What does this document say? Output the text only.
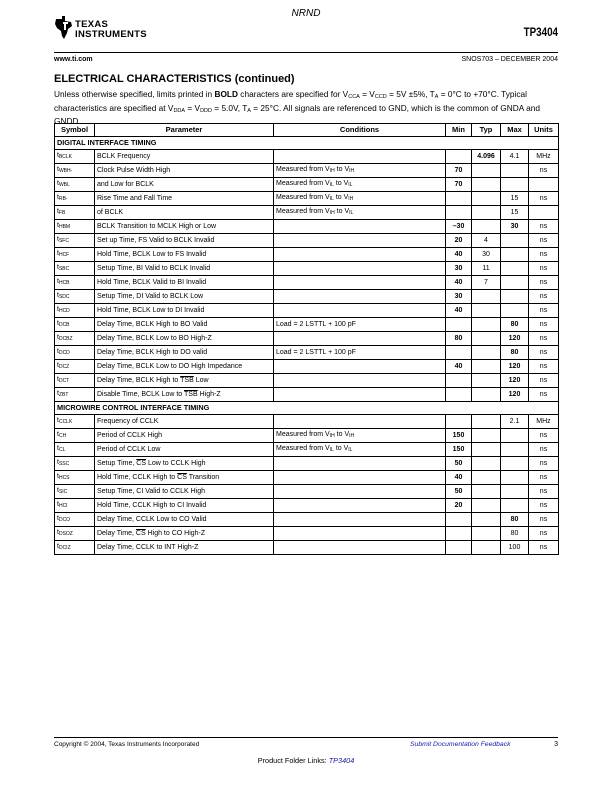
NRND
TEXAS
INSTRUMENTS	TP3404
www.ti.com	SNOS703 – DECEMBER 2004
ELECTRICAL CHARACTERISTICS (continued)
Unless otherwise specified, limits printed in BOLD characters are specified for $V_{CCA} = V_{CCD} = 5V \pm 5\%$, $T_A = 0^\circ C$ to +70°C. Typical characteristics are specified at $V_{DDA} = V_{DDD} = 5.0V$, $T_A = 25^\circ C$. All signals are referenced to GND, which is the common of GNDA and GNDD
Symbol	Parameter	Conditions	Min	Typ	Max	Units
DIGITAL INTERFACE TIMING						
$t_{BCLK}$	BCLK Frequency			4.096	4.1	MHz
$t_{WBH-}$	Clock Pulse Width High	Measured from $V_{IH}$ to $V_{IH}$	70			ns
$t_{WBL}$	and Low for BCLK	Measured from $V_{IL}$ to $V_{IL}$	70			
$t_{RB-}$	Rise Time and Fall Time	Measured from $V_{IL}$ to $V_{IH}$			15	ns
$t_{FB}$	of BCLK	Measured from $V_{IH}$ to $V_{IL}$			15	
$t_{HBM}$	BCLK Transition to MCLK High or Low		–30		30	ns
$t_{SFC}$	Set up Time, FS Valid to BCLK Invalid		20	4		ns
$t_{HCF}$	Hold Time, BCLK Low to FS Invalid		40	30		ns
$t_{SBC}$	Setup Time, BI Valid to BCLK Invalid		30	11		ns
$t_{HCB}$	Hold Time, BCLK Valid to BI Invalid		40	7		ns
$t_{SDC}$	Setup Time, DI Valid to BCLK Low		30			ns
$t_{HCD}$	Hold Time, BCLK Low to DI Invalid		40			ns
$t_{DCB}$	Delay Time, BCLK High to BO Valid	Load = 2 LSTTL + 100 pF			80	ns
$t_{DCBZ}$	Delay Time, BCLK Low to BO High-Z		80		120	ns
$t_{DCD}$	Delay Time, BCLK High to DO valid	Load = 2 LSTTL + 100 pF			80	ns
$t_{DCZ}$	Delay Time, BCLK Low to DO High Impedance		40		120	ns
$t_{DCT}$	Delay Time, BCLK High to $\overline{TSB}$ Low				120	ns
$t_{ZBT}$	Disable Time, BCLK Low to $\overline{TSB}$ High-Z				120	ns
MICROWIRE CONTROL INTERFACE TIMING						
$t_{CCLK}$	Frequency of CCLK				2.1	MHz
$t_{CH}$	Period of CCLK High	Measured from $V_{IH}$ to $V_{IH}$	150			ns
$t_{CL}$	Period of CCLK Low	Measured from $V_{IL}$ to $V_{IL}$	150			ns
$t_{SSC}$	Setup Time, $\overline{CS}$ Low to CCLK High		50			ns
$t_{HCS}$	Hold Time, CCLK High to $\overline{CS}$ Transition		40			ns
$t_{SIC}$	Setup Time, CI Valid to CCLK High		50			ns
$t_{HCI}$	Hold Time, CCLK High to CI Invalid		20			ns
$t_{DCO}$	Delay Time, CCLK Low to CO Valid				80	ns
$t_{DSOZ}$	Delay Time, $\overline{CS}$ High to CO High-Z				80	ns
$t_{DCIZ}$	Delay Time, CCLK to INT High-Z				100	ns
Copyright © 2004, Texas Instruments Incorporated	Submit Documentation Feedback	3
Product Folder Links: TP3404
